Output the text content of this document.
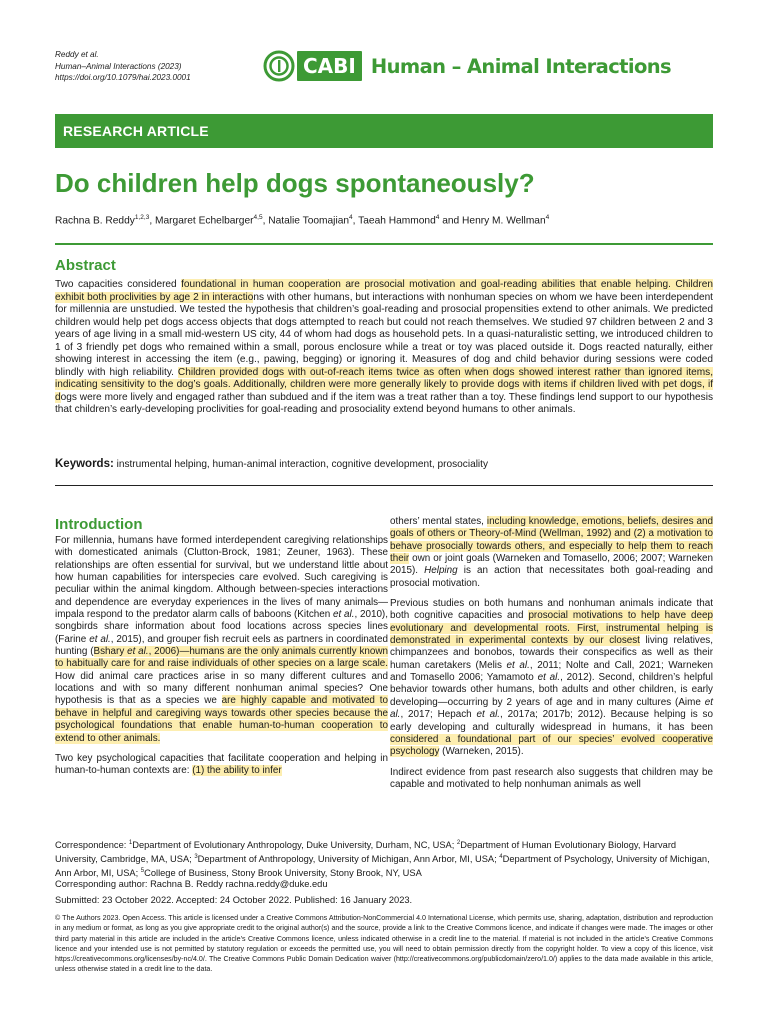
Reddy et al.
Human–Animal Interactions (2023)
https://doi.org/10.1079/hai.2023.0001	CABI Human – Animal Interactions
RESEARCH ARTICLE
Do children help dogs spontaneously?
Rachna B. Reddy$^{1,2,3}$, Margaret Echelbarger$^{4,5}$, Natalie Toomajian$^4$, Taeah Hammond$^4$ and Henry M. Wellman$^4$
Abstract

Two capacities considered foundational in human cooperation are prosocial motivation and goal-reading abilities that enable helping. Children exhibit both proclivities by age 2 in interactions with other humans, but interactions with nonhuman species on whom we have been interdependent for millennia are unstudied. We tested the hypothesis that children’s goal-reading and prosocial propensities extend to other animals. We predicted children would help pet dogs access objects that dogs attempted to reach but could not reach themselves. We studied 97 children between 2 and 3 years of age living in a small mid-western US city, 44 of whom had dogs as household pets. In a quasi-naturalistic setting, we introduced children to 1 of 3 friendly pet dogs who remained within a small, porous enclosure while a treat or toy was placed outside it. Dogs reacted naturally, either showing interest in accessing the item (e.g., pawing, begging) or ignoring it. Measures of dog and child behavior during sessions were coded blindly with high reliability. Children provided dogs with out-of-reach items twice as often when dogs showed interest rather than ignored items, indicating sensitivity to the dog’s goals. Additionally, children were more generally likely to provide dogs with items if children lived with pet dogs, if dogs were more lively and engaged rather than subdued and if the item was a treat rather than a toy. These findings lend support to our hypothesis that children’s early-developing proclivities for goal-reading and prosociality extend beyond humans to other animals.

Keywords: instrumental helping, human-animal interaction, cognitive development, prosociality
Introduction

For millennia, humans have formed interdependent caregiving relationships with domesticated animals (Clutton-Brock, 1981; Zeuner, 1963). These relationships are often essential for survival, but we understand little about how human capabilities for interspecies care evolved. Such caregiving is peculiar within the animal kingdom. Although between-species interactions and dependence are everyday experiences in the lives of many animals—impala respond to the predator alarm calls of baboons (Kitchen et al., 2010), songbirds share information about food locations across species lines (Farine et al., 2015), and grouper fish recruit eels as partners in coordinated hunting (Bshary et al., 2006)—humans are the only animals currently known to habitually care for and raise individuals of other species on a large scale. How did animal care practices arise in so many different cultures and locations and with so many different nonhuman animal species? One hypothesis is that as a species we are highly capable and motivated to behave in helpful and caregiving ways towards other species because the psychological foundations that enable human-to-human cooperation to extend to other animals.

Two key psychological capacities that facilitate cooperation and helping in human-to-human contexts are: (1) the ability to infer

others’ mental states, including knowledge, emotions, beliefs, desires and goals of others or Theory-of-Mind (Wellman, 1992) and (2) a motivation to behave prosocially towards others, and especially to help them to reach their own or joint goals (Warneken and Tomasello, 2006; 2007; Warneken 2015). Helping is an action that necessitates both goal-reading and prosocial motivation.

Previous studies on both humans and nonhuman animals indicate that both cognitive capacities and prosocial motivations to help have deep evolutionary and developmental roots. First, instrumental helping is demonstrated in experimental contexts by our closest living relatives, chimpanzees and bonobos, towards their conspecifics as well as their human caretakers (Melis et al., 2011; Nolte and Call, 2021; Warneken and Tomasello 2006; Yamamoto et al., 2012). Second, children’s helpful behavior towards other humans, both adults and other children, is early developing—occurring by 2 years of age and in many cultures (Aime et al., 2017; Hepach et al., 2017a; 2017b; 2012). Because helping is so early developing and culturally widespread in humans, it has been considered a foundational part of our species’ evolved cooperative psychology (Warneken, 2015).

Indirect evidence from past research also suggests that children may be capable and motivated to help nonhuman animals as well

Correspondence: $^1$Department of Evolutionary Anthropology, Duke University, Durham, NC, USA; $^2$Department of Human Evolutionary Biology, Harvard University, Cambridge, MA, USA; $^3$Department of Anthropology, University of Michigan, Ann Arbor, MI, USA; $^4$Department of Psychology, University of Michigan, Ann Arbor, MI, USA; $^5$College of Business, Stony Brook University, Stony Brook, NY, USA
Corresponding author: Rachna B. Reddy rachna.reddy@duke.edu
Submitted: 23 October 2022. Accepted: 24 October 2022. Published: 16 January 2023.
© The Authors 2023. Open Access. This article is licensed under a Creative Commons Attribution-NonCommercial 4.0 International License, which permits use, sharing, adaptation, distribution and reproduction in any medium or format, as long as you give appropriate credit to the original author(s) and the source, provide a link to the Creative Commons licence, and indicate if changes were made. The images or other third party material in this article are included in the article’s Creative Commons licence, unless indicated otherwise in a credit line to the material. If material is not included in the article’s Creative Commons licence and your intended use is not permitted by statutory regulation or exceeds the permitted use, you will need to obtain permission directly from the copyright holder. To view a copy of this licence, visit https://creativecommons.org/licenses/by-nc/4.0/. The Creative Commons Public Domain Dedication waiver (http://creativecommons.org/publicdomain/zero/1.0/) applies to the data made available in this article, unless otherwise stated in a credit line to the data.
